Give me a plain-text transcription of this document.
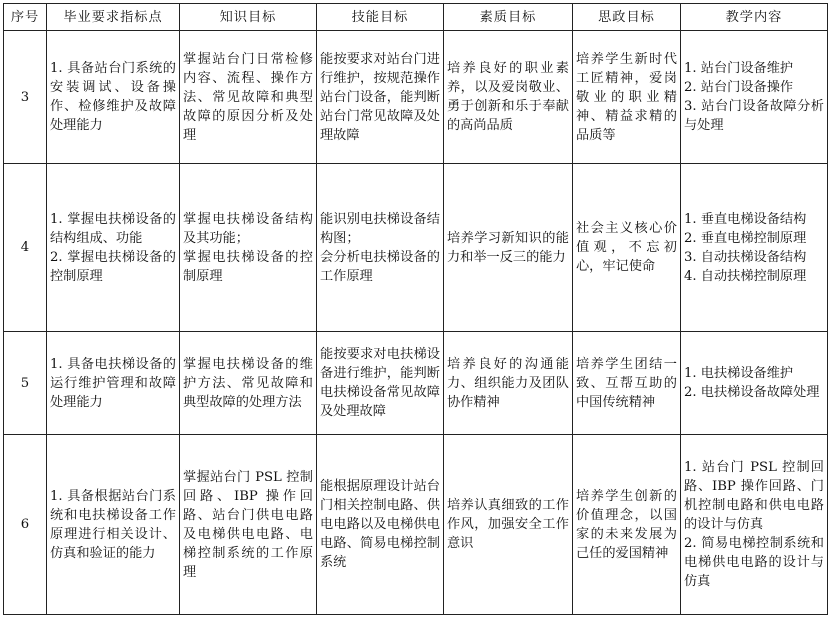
序号	毕业要求指标点	知识目标	技能目标	素质目标	思政目标	教学内容
3	1. 具备站台门系统的安装调试、设备操作、检修维护及故障处理能力	掌握站台门日常检修内容、流程、操作方法、常见故障和典型故障的原因分析及处理	能按要求对站台门进行维护，按规范操作站台门设备，能判断站台门常见故障及处理故障	培养良好的职业素养，以及爱岗敬业、勇于创新和乐于奉献的高尚品质	培养学生新时代工匠精神，爱岗敬业的职业精神、精益求精的品质等	1. 站台门设备维护
2. 站台门设备操作
3. 站台门设备故障分析与处理

4	1. 掌握电扶梯设备的结构组成、功能
2. 掌握电扶梯设备的控制原理	掌握电扶梯设备结构及其功能；
掌握电扶梯设备的控制原理	能识别电扶梯设备结构图；
会分析电扶梯设备的工作原理	培养学习新知识的能力和举一反三的能力	社会主义核心价值观，不忘初心，牢记使命	1. 垂直电梯设备结构
2. 垂直电梯控制原理
3. 自动扶梯设备结构
4. 自动扶梯控制原理

5	1. 具备电扶梯设备的运行维护管理和故障处理能力	掌握电扶梯设备的维护方法、常见故障和典型故障的处理方法	能按要求对电扶梯设备进行维护，能判断电扶梯设备常见故障及处理故障	培养良好的沟通能力、组织能力及团队协作精神	培养学生团结一致、互帮互助的中国传统精神	1. 电扶梯设备维护
2. 电扶梯设备故障处理

6	1. 具备根据站台门系统和电扶梯设备工作原理进行相关设计、仿真和验证的能力	掌握站台门 PSL 控制回路、IBP 操作回路、站台门供电电路及电梯供电电路、电梯控制系统的工作原理	能根据原理设计站台门相关控制电路、供电电路以及电梯供电电路、简易电梯控制系统	培养认真细致的工作作风，加强安全工作意识	培养学生创新的价值理念，以国家的未来发展为己任的爱国精神	1. 站台门 PSL 控制回路、IBP 操作回路、门机控制电路和供电电路的设计与仿真
2. 简易电梯控制系统和电梯供电电路的设计与仿真
